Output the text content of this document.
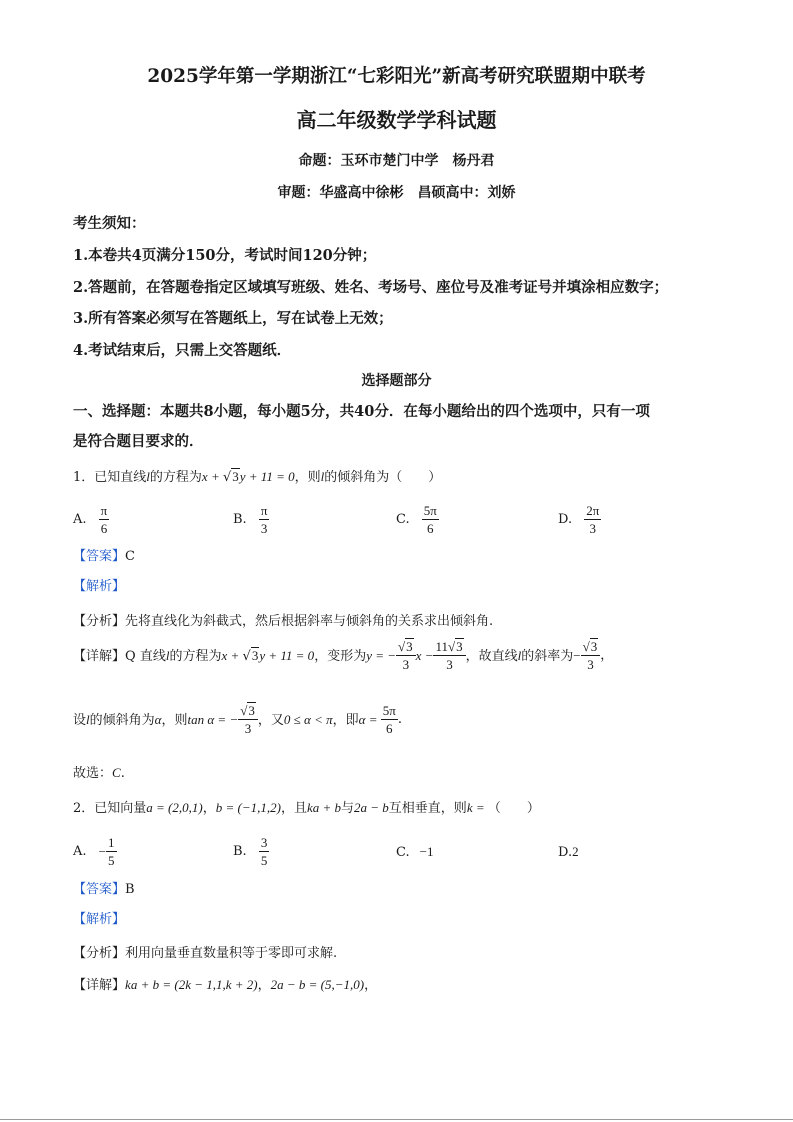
2025学年第一学期浙江“七彩阳光”新高考研究联盟期中联考
高二年级数学学科试题
命题：玉环市楚门中学　杨丹君
审题：华盛高中徐彬　昌硕高中：刘娇
考生须知：
1.本卷共4页满分150分，考试时间120分钟；
2.答题前，在答题卷指定区域填写班级、姓名、考场号、座位号及准考证号并填涂相应数字；
3.所有答案必须写在答题纸上，写在试卷上无效；
4.考试结束后，只需上交答题纸．
选择题部分
一、选择题：本题共8小题，每小题5分，共40分．在每小题给出的四个选项中，只有一项
是符合题目要求的．
1．已知直线l的方程为x + √3y + 11 = 0，则l的倾斜角为（　　）
A. $\frac{\pi}{6}$	B. $\frac{\pi}{3}$	C. $\frac{5\pi}{6}$	D. $\frac{2\pi}{3}$
【答案】C
【解析】
【分析】先将直线化为斜截式，然后根据斜率与倾斜角的关系求出倾斜角.
【详解】Q 直线l的方程为x + √3y + 11 = 0，变形为y = − $\frac{√3}{3}$ $x - \frac{11√3}{3}$ ，故直线l的斜率为− $\frac{√3}{3}$ ，
设l的倾斜角为α，则tan α = − $\frac{√3}{3}$ ，又0 ≤ α < π，即$\alpha = \frac{5\pi}{6}$ .
故选：C.
2．已知向量a = (2,0,1)，b = (−1,1,2)，且ka + b与2a − b互相垂直，则k = （　　）
A. − $\frac{1}{5}$	B. $\frac{3}{5}$	C. −1	D.2
【答案】B
【解析】
【分析】利用向量垂直数量积等于零即可求解.
【详解】ka + b = (2k − 1,1,k + 2)，2a − b = (5,−1,0)，
